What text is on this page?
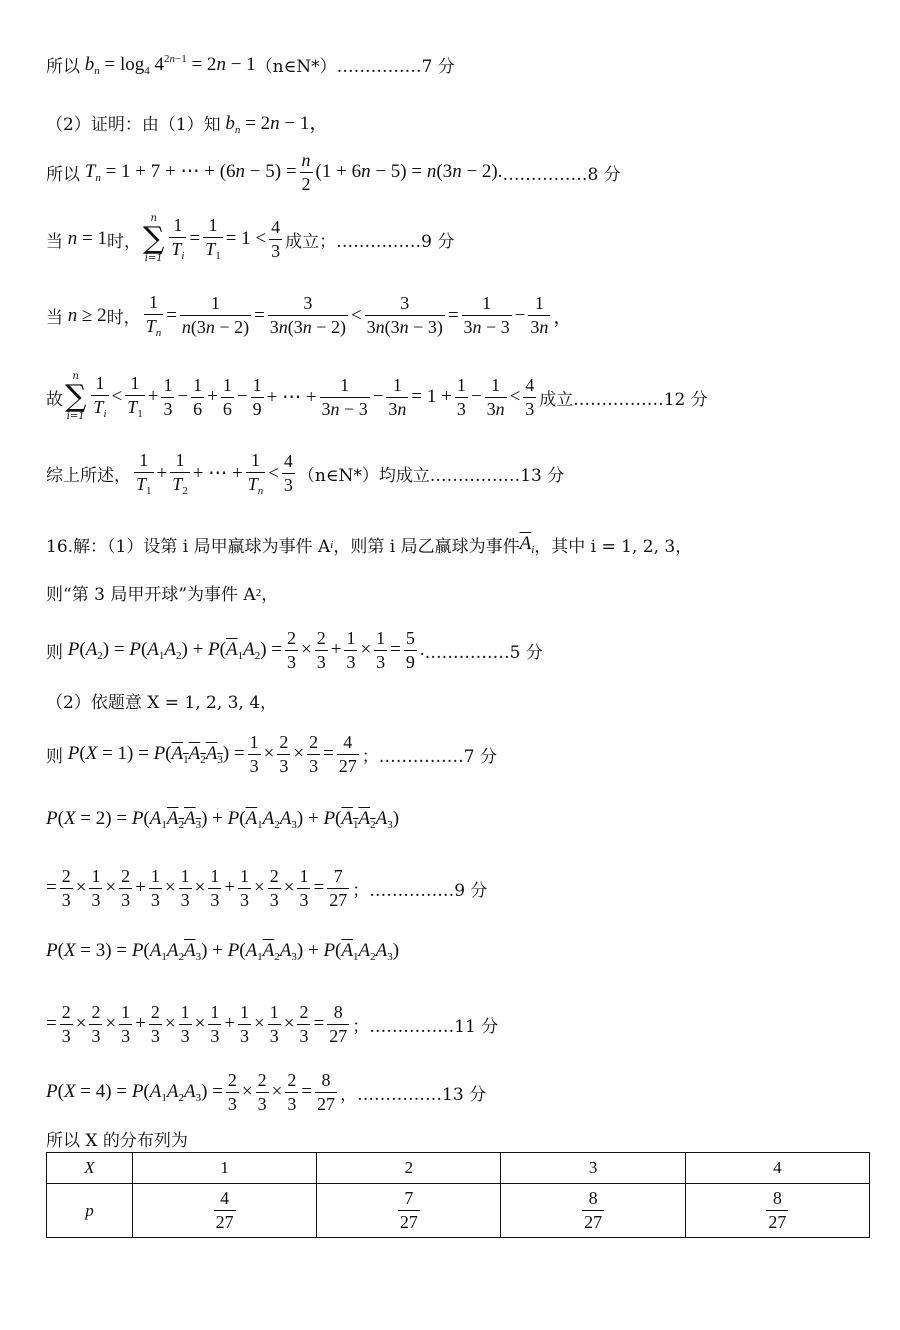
所以 $b_n = \log_4 4^{2n-1} = 2n - 1$ （n∈N*） ……………7 分
（2）证明：由（1）知 $b_n = 2n - 1$，
所以 $T_n = 1 + 7$ + ⋯ + $(6n - 5) = \frac{n}{2} (1 + 6n - 5) = n(3n - 2)$. ……………8 分
当 n = 1 时，
n
∑
$i=1 \frac{1}{T_i} = \frac{1}{T_1} = 1 < \frac{4}{3}$ 成立； ……………9 分
当 n ≥ 2 时， $\frac{1}{T_n} = \frac{1}{n(3n - 2)} = \frac{3}{3n(3n - 2)} < \frac{3}{3n(3n - 3)} = \frac{1}{3n - 3} - \frac{1}{3n}$ ，
故
n
∑
$i=1 \frac{1}{T_i} < \frac{1}{T_1} + \frac{1}{3} - \frac{1}{6} + \frac{1}{6} - \frac{1}{9}$ + ⋯ + $\frac{1}{3n - 3} - \frac{1}{3n} = 1 + \frac{1}{3} - \frac{1}{3n} < \frac{4}{3}$ 成立. ……………12 分
综上所述， $\frac{1}{T_1} + \frac{1}{T_2}$ + ⋯ + $\frac{1}{T_n} < \frac{4}{3}$ （n∈N*）均成立. ……………13 分
16.解：（1）设第 i 局甲赢球为事件 A i ，则第 i 局乙赢球为事件 $\overline{A}_i$ ，其中 i = 1, 2, 3，
则“第 3 局甲开球”为事件 A 2 ，
则 $P(A_2) = P(A_1A_2) + P(\overline{A}_1A_2) = \frac{2}{3} \times \frac{2}{3} + \frac{1}{3} \times \frac{1}{3} = \frac{5}{9}$ . ……………5 分
（2）依题意 X = 1, 2, 3, 4，
则 $P(X = 1) = P(A_1A_2A_3) = \frac{1}{3} \times \frac{2}{3} \times \frac{2}{3} = \frac{4}{27}$ ； ……………7 分
$P(X = 2) = P(A_1A_2A_3) + P(\overline{A}_1A_2A_3) + P(A_1A_2A_3)$
= $\frac{2}{3} \times \frac{1}{3} \times \frac{2}{3} + \frac{1}{3} \times \frac{1}{3} \times \frac{1}{3} + \frac{1}{3} \times \frac{2}{3} \times \frac{1}{3} = \frac{7}{27}$ ； ……………9 分
$P(X = 3) = P(A_1A_2\overline{A}_3) + P(A_1\overline{A}_2A_3) + P(\overline{A}_1A_2A_3)$
= $\frac{2}{3} \times \frac{2}{3} \times \frac{1}{3} + \frac{2}{3} \times \frac{1}{3} \times \frac{1}{3} + \frac{1}{3} \times \frac{1}{3} \times \frac{2}{3} = \frac{8}{27}$ ； ……………11 分
$P(X = 4) = P(A_1A_2A_3) = \frac{2}{3} \times \frac{2}{3} \times \frac{2}{3} = \frac{8}{27}$ ， ……………13 分
所以 X 的分布列为
X	1	2	3	4
p	$\frac{4}{27}$	$\frac{7}{27}$	$\frac{8}{27}$	$\frac{8}{27}$
